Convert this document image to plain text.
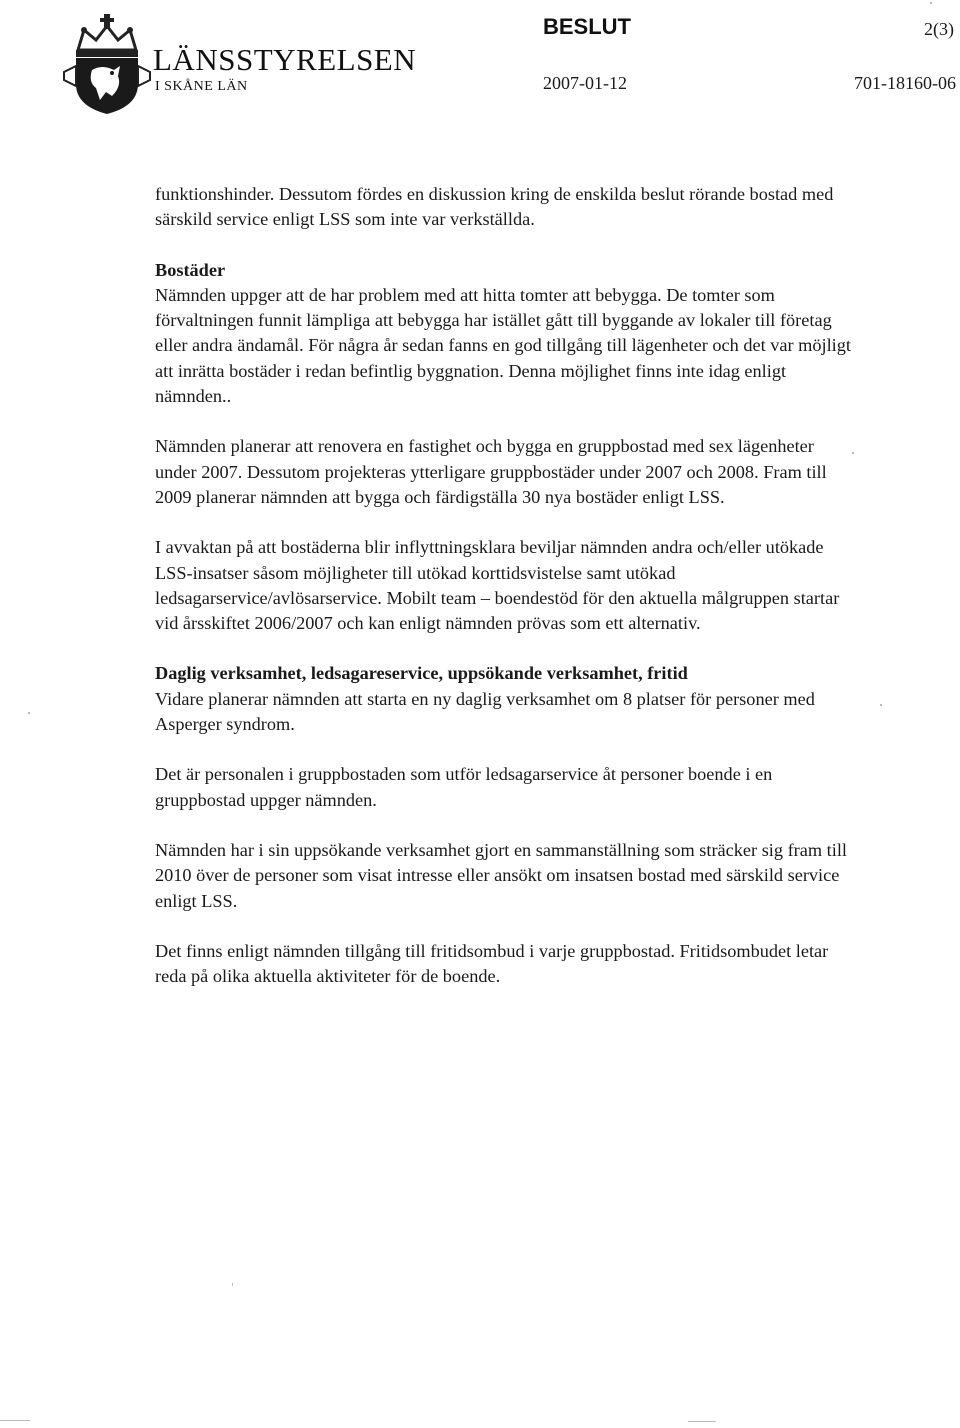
LÄNSSTYRELSEN
I SKÅNE LÄN
BESLUT	2(3)
2007-01-12	701-18160-06

funktionshinder. Dessutom fördes en diskussion kring de enskilda beslut rörande bostad med särskild service enligt LSS som inte var verkställda.

Bostäder

Nämnden uppger att de har problem med att hitta tomter att bebygga. De tomter som förvaltningen funnit lämpliga att bebygga har istället gått till byggande av lokaler till företag eller andra ändamål. För några år sedan fanns en god tillgång till lägenheter och det var möjligt att inrätta bostäder i redan befintlig byggnation. Denna möjlighet finns inte idag enligt nämnden..

Nämnden planerar att renovera en fastighet och bygga en gruppbostad med sex lägenheter under 2007. Dessutom projekteras ytterligare gruppbostäder under 2007 och 2008. Fram till 2009 planerar nämnden att bygga och färdigställa 30 nya bostäder enligt LSS.

I avvaktan på att bostäderna blir inflyttningsklara beviljar nämnden andra och/eller utökade LSS-insatser såsom möjligheter till utökad korttidsvistelse samt utökad ledsagarservice/avlösarservice. Mobilt team – boendestöd för den aktuella målgruppen startar vid årsskiftet 2006/2007 och kan enligt nämnden prövas som ett alternativ.

Daglig verksamhet, ledsagareservice, uppsökande verksamhet, fritid

Vidare planerar nämnden att starta en ny daglig verksamhet om 8 platser för personer med Asperger syndrom.

Det är personalen i gruppbostaden som utför ledsagarservice åt personer boende i en gruppbostad uppger nämnden.

Nämnden har i sin uppsökande verksamhet gjort en sammanställning som sträcker sig fram till 2010 över de personer som visat intresse eller ansökt om insatsen bostad med särskild service enligt LSS.

Det finns enligt nämnden tillgång till fritidsombud i varje gruppbostad. Fritidsombudet letar reda på olika aktuella aktiviteter för de boende.
